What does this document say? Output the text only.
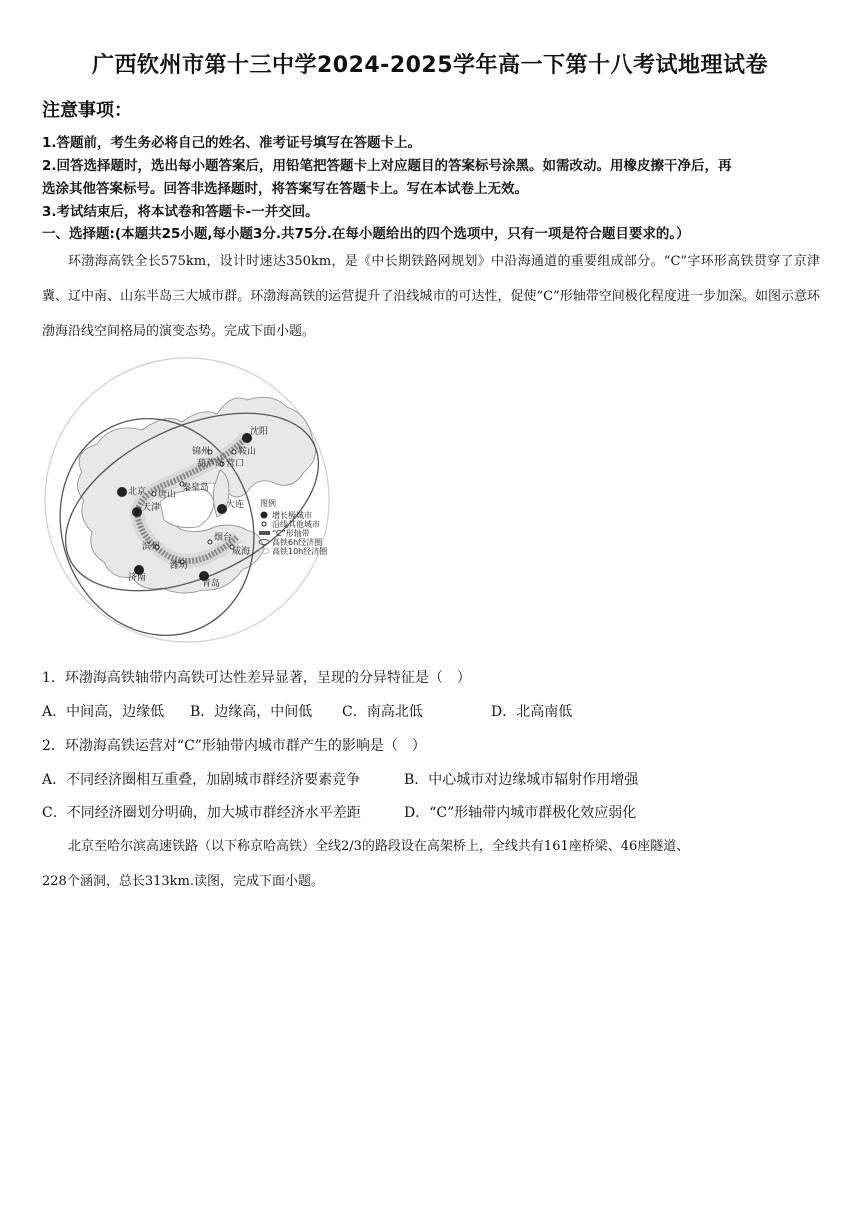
广西钦州市第十三中学2024-2025学年高一下第十八考试地理试卷
注意事项：
1.答题前，考生务必将自己的姓名、准考证号填写在答题卡上。
2.回答选择题时，选出每小题答案后，用铅笔把答题卡上对应题目的答案标号涂黑。如需改动。用橡皮擦干净后，再
选涂其他答案标号。回答非选择题时，将答案写在答题卡上。写在本试卷上无效。
3.考试结束后，将本试卷和答题卡-一并交回。
一、选择题:(本题共25小题,每小题3分.共75分.在每小题给出的四个选项中，只有一项是符合题目要求的。）
环渤海高铁全长575km，设计时速达350km，是《中长期铁路网规划》中沿海通道的重要组成部分。“C”字环形高铁贯穿了京津冀、辽中南、山东半岛三大城市群。环渤海高铁的运营提升了沿线城市的可达性，促使“C”形轴带空间极化程度进一步加深。如图示意环渤海沿线空间格局的演变态势。完成下面小题。
沈阳
锦州
葫芦岛
鞍山
营口
北京 唐山
秦皇岛
天津	大连
滨州
潍坊
烟台
威海
济南
青岛
图例
增长极城市
沿线其他城市
“C”形轴带
高铁6h经济圈
高铁10h经济圈
1．环渤海高铁轴带内高铁可达性差异显著，呈现的分异特征是（　）
A．中间高，边缘低 B．边缘高，中间低 C．南高北低	D．北高南低
2．环渤海高铁运营对“C”形轴带内城市群产生的影响是（　）
A．不同经济圈相互重叠，加剧城市群经济要素竞争	B．中心城市对边缘城市辐射作用增强
C．不同经济圈划分明确，加大城市群经济水平差距	D．“C”形轴带内城市群极化效应弱化
北京至哈尔滨高速铁路（以下称京哈高铁）全线2/3的路段设在高架桥上，全线共有161座桥梁、46座隧道、
228个涵洞，总长313km.读图，完成下面小题。
